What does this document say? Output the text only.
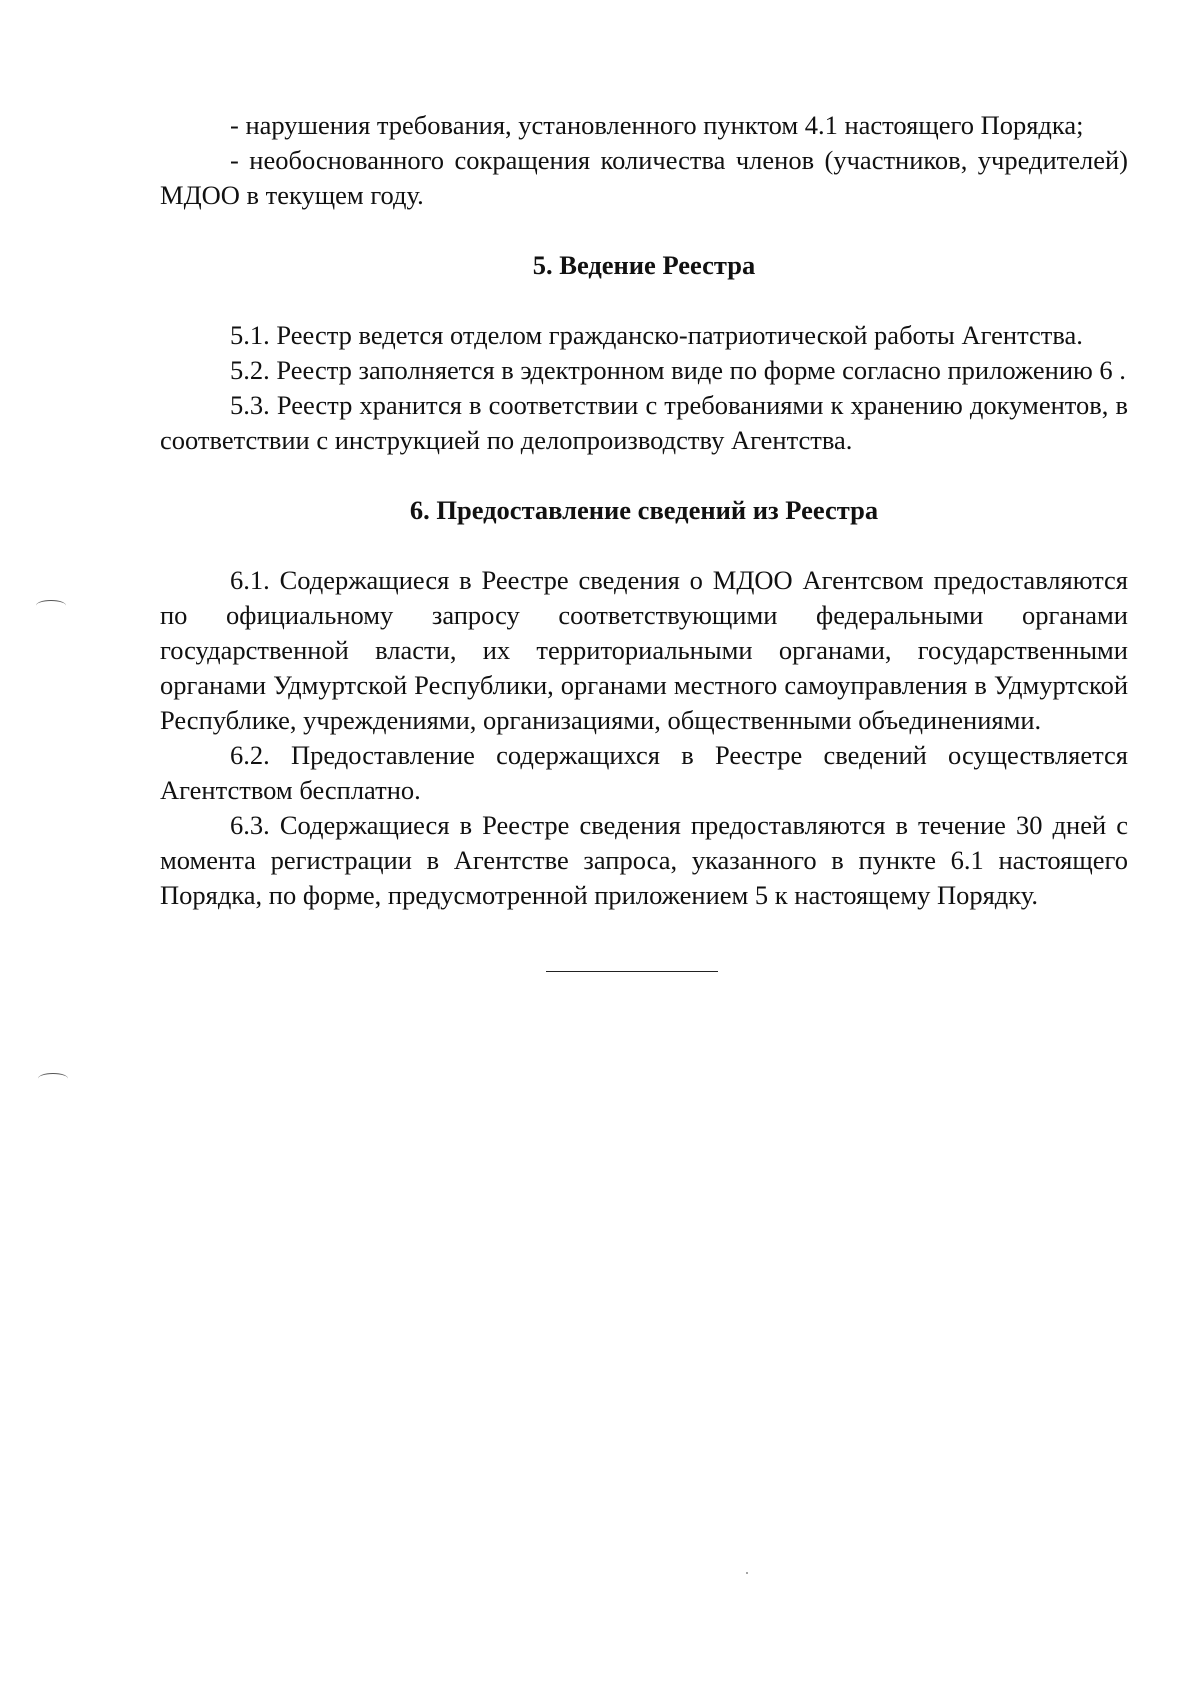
- нарушения требования, установленного пунктом 4.1 настоящего Порядка;

- необоснованного сокращения количества членов (участников, учредителей) МДОО в текущем году.

5. Ведение Реестра

5.1. Реестр ведется отделом гражданско-патриотической работы Агентства.

5.2. Реестр заполняется в эдектронном виде по форме согласно приложению 6 .

5.3. Реестр хранится в соответствии с требованиями к хранению документов, в соответствии с инструкцией по делопроизводству Агентства.

6. Предоставление сведений из Реестра

6.1. Содержащиеся в Реестре сведения о МДОО Агентсвом предоставляются по официальному запросу соответствующими федеральными органами государственной власти, их территориальными органами, государственными органами Удмуртской Республики, органами местного самоуправления в Удмуртской Республике, учреждениями, организациями, общественными объединениями.

6.2. Предоставление содержащихся в Реестре сведений осуществляется Агентством бесплатно.

6.3. Содержащиеся в Реестре сведения предоставляются в течение 30 дней с момента регистрации в Агентстве запроса, указанного в пункте 6.1 настоящего Порядка, по форме, предусмотренной приложением 5 к настоящему Порядку.
